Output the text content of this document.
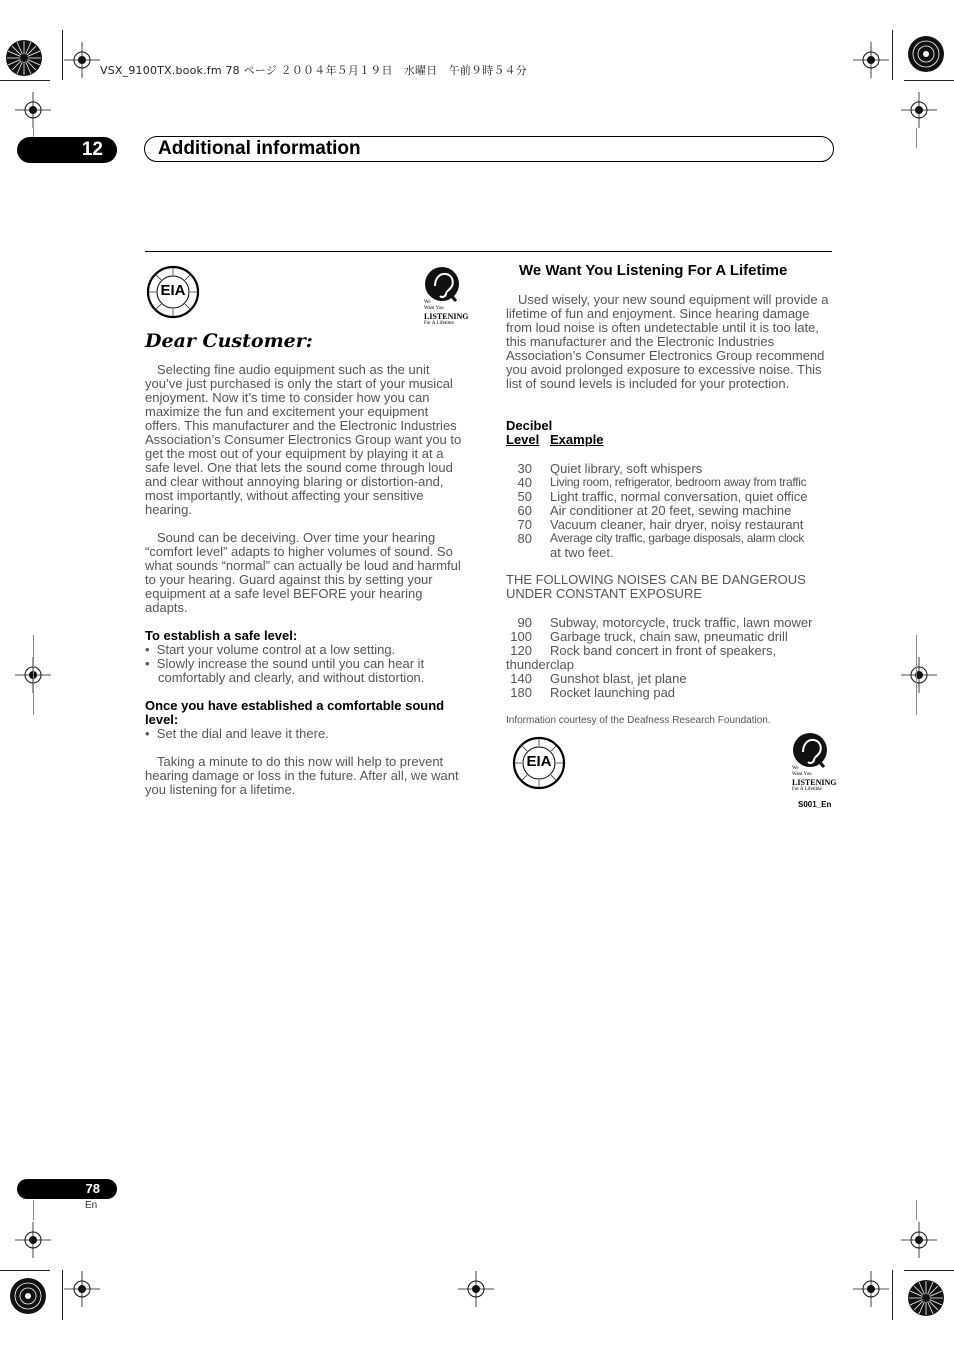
VSX_9100TX.book.fm 78 ページ ２００４年５月１９日　水曜日　午前９時５４分
12	Additional information
EIA
We
Want You
LISTENING
For A Lifetime
Dear Customer:
Selecting fine audio equipment such as the unit you’ve just purchased is only the start of your musical enjoyment. Now it’s time to consider how you can maximize the fun and excitement your equipment offers. This manufacturer and the Electronic Industries Association’s Consumer Electronics Group want you to get the most out of your equipment by playing it at a safe level. One that lets the sound come through loud and clear without annoying blaring or distortion-and, most importantly, without affecting your sensitive hearing.
Sound can be deceiving. Over time your hearing “comfort level” adapts to higher volumes of sound. So what sounds “normal” can actually be loud and harmful to your hearing. Guard against this by setting your equipment at a safe level BEFORE your hearing adapts.
To establish a safe level:
•  Start your volume control at a low setting.
•  Slowly increase the sound until you can hear it comfortably and clearly, and without distortion.
Once you have established a comfortable sound level:
•  Set the dial and leave it there.
Taking a minute to do this now will help to prevent hearing damage or loss in the future. After all, we want you listening for a lifetime.
We Want You Listening For A Lifetime
Used wisely, your new sound equipment will provide a lifetime of fun and enjoyment. Since hearing damage from loud noise is often undetectable until it is too late, this manufacturer and the Electronic Industries Association’s Consumer Electronics Group recommend you avoid prolonged exposure to excessive noise. This list of sound levels is included for your protection.
Decibel
Level Example
30 Quiet library, soft whispers
40 Living room, refrigerator, bedroom away from traffic
50 Light traffic, normal conversation, quiet office
60 Air conditioner at 20 feet, sewing machine
70 Vacuum cleaner, hair dryer, noisy restaurant
80 Average city traffic, garbage disposals, alarm clock
at two feet.
THE FOLLOWING NOISES CAN BE DANGEROUS UNDER CONSTANT EXPOSURE
90 Subway, motorcycle, truck traffic, lawn mower
100 Garbage truck, chain saw, pneumatic drill
120 Rock band concert in front of speakers,
thunderclap
140 Gunshot blast, jet plane
180 Rocket launching pad
Information courtesy of the Deafness Research Foundation.
EIA	We
Want You
LISTENING
For A Lifetime
S001_En
78
En
